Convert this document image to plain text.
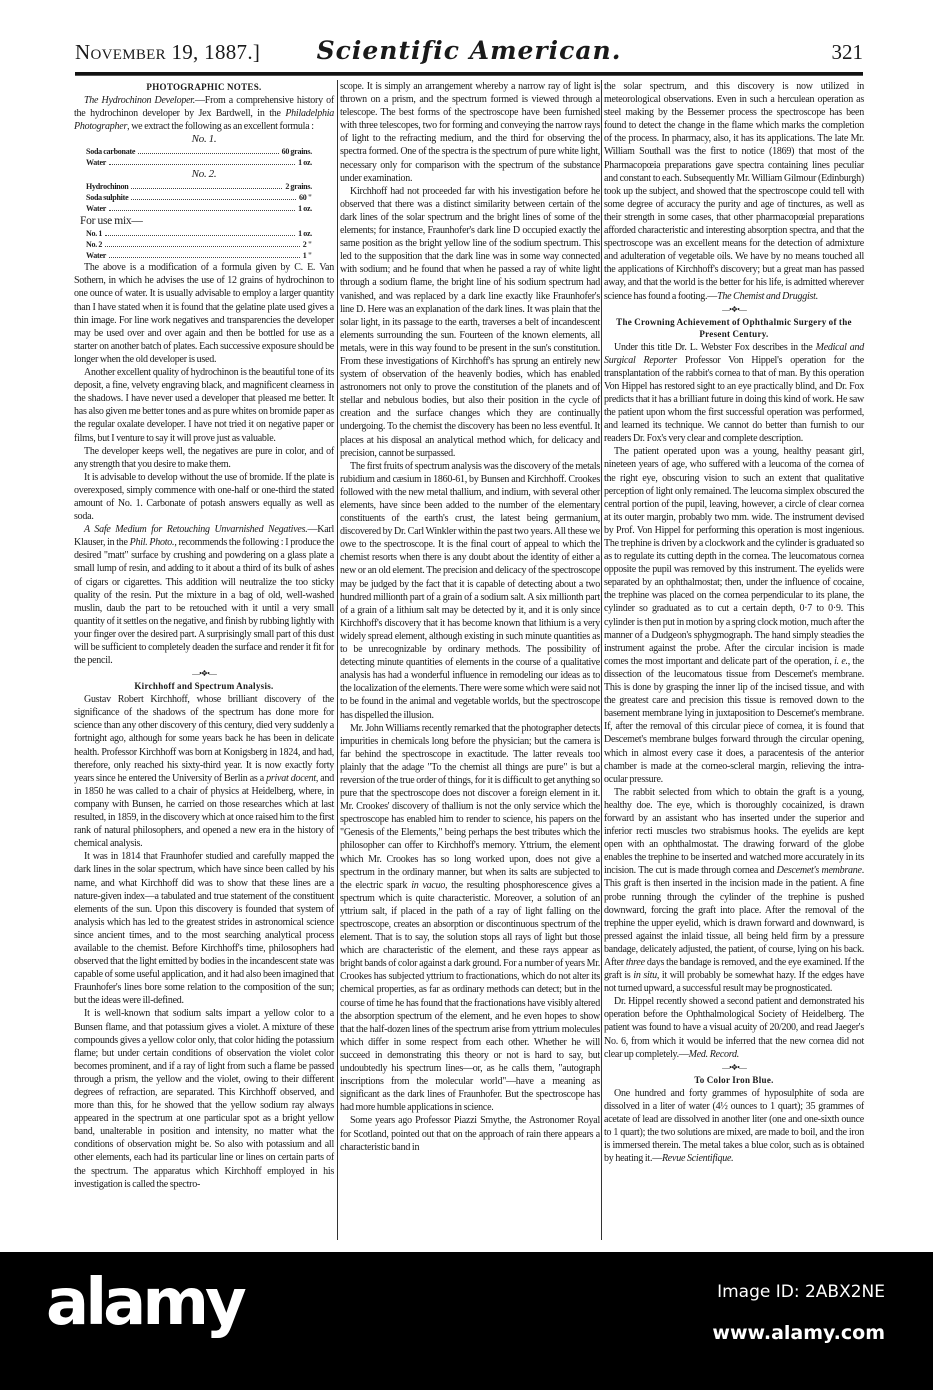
November 19, 1887.]	Scientific American.	321
PHOTOGRAPHIC NOTES.

The Hydrochinon Developer.—From a comprehensive history of the hydrochinon developer by Jex Bardwell, in the Philadelphia Photographer, we extract the following as an excellent formula :

No. 1.
Soda carbonate	60 grains.
Water	1 oz.
No. 2.
Hydrochinon	2 grains.
Soda sulphite	60 "
Water	1 oz.
For use mix—
No. 1	1 oz.
No. 2	2 "
Water	1 "

The above is a modification of a formula given by C. E. Van Sothern, in which he advises the use of 12 grains of hydrochinon to one ounce of water. It is usually advisable to employ a larger quantity than I have stated when it is found that the gelatine plate used gives a thin image. For line work negatives and transparencies the developer may be used over and over again and then be bottled for use as a starter on another batch of plates. Each successive exposure should be longer when the old developer is used.

Another excellent quality of hydrochinon is the beautiful tone of its deposit, a fine, velvety engraving black, and magnificent clearness in the shadows. I have never used a developer that pleased me better. It has also given me better tones and as pure whites on bromide paper as the regular oxalate developer. I have not tried it on negative paper or films, but I venture to say it will prove just as valuable.

The developer keeps well, the negatives are pure in color, and of any strength that you desire to make them.

It is advisable to develop without the use of bromide. If the plate is overexposed, simply commence with one-half or one-third the stated amount of No. 1. Carbonate of potash answers equally as well as soda.

A Safe Medium for Retouching Unvarnished Negatives.—Karl Klauser, in the Phil. Photo., recommends the following : I produce the desired "matt" surface by crushing and powdering on a glass plate a small lump of resin, and adding to it about a third of its bulk of ashes of cigars or cigarettes. This addition will neutralize the too sticky quality of the resin. Put the mixture in a bag of old, well-washed muslin, daub the part to be retouched with it until a very small quantity of it settles on the negative, and finish by rubbing lightly with your finger over the desired part. A surprisingly small part of this dust will be sufficient to completely deaden the surface and render it fit for the pencil.

—•❖•—
Kirchhoff and Spectrum Analysis.

Gustav Robert Kirchhoff, whose brilliant discovery of the significance of the shadows of the spectrum has done more for science than any other discovery of this century, died very suddenly a fortnight ago, although for some years back he has been in delicate health. Professor Kirchhoff was born at Konigsberg in 1824, and had, therefore, only reached his sixty-third year. It is now exactly forty years since he entered the University of Berlin as a privat docent, and in 1850 he was called to a chair of physics at Heidelberg, where, in company with Bunsen, he carried on those researches which at last resulted, in 1859, in the discovery which at once raised him to the first rank of natural philosophers, and opened a new era in the history of chemical analysis.

It was in 1814 that Fraunhofer studied and carefully mapped the dark lines in the solar spectrum, which have since been called by his name, and what Kirchhoff did was to show that these lines are a nature-given index—a tabulated and true statement of the constituent elements of the sun. Upon this discovery is founded that system of analysis which has led to the greatest strides in astronomical science since ancient times, and to the most searching analytical process available to the chemist. Before Kirchhoff's time, philosophers had observed that the light emitted by bodies in the incandescent state was capable of some useful application, and it had also been imagined that Fraunhofer's lines bore some relation to the composition of the sun; but the ideas were ill-defined.

It is well-known that sodium salts impart a yellow color to a Bunsen flame, and that potassium gives a violet. A mixture of these compounds gives a yellow color only, that color hiding the potassium flame; but under certain conditions of observation the violet color becomes prominent, and if a ray of light from such a flame be passed through a prism, the yellow and the violet, owing to their different degrees of refraction, are separated. This Kirchhoff observed, and more than this, for he showed that the yellow sodium ray always appeared in the spectrum at one particular spot as a bright yellow band, unalterable in position and intensity, no matter what the conditions of observation might be. So also with potassium and all other elements, each had its particular line or lines on certain parts of the spectrum. The apparatus which Kirchhoff employed in his investigation is called the spectro-

scope. It is simply an arrangement whereby a narrow ray of light is thrown on a prism, and the spectrum formed is viewed through a telescope. The best forms of the spectroscope have been furnished with three telescopes, two for forming and conveying the narrow rays of light to the refracting medium, and the third for observing the spectra formed. One of the spectra is the spectrum of pure white light, necessary only for comparison with the spectrum of the substance under examination.

Kirchhoff had not proceeded far with his investigation before he observed that there was a distinct similarity between certain of the dark lines of the solar spectrum and the bright lines of some of the elements; for instance, Fraunhofer's dark line D occupied exactly the same position as the bright yellow line of the sodium spectrum. This led to the supposition that the dark line was in some way connected with sodium; and he found that when he passed a ray of white light through a sodium flame, the bright line of his sodium spectrum had vanished, and was replaced by a dark line exactly like Fraunhofer's line D. Here was an explanation of the dark lines. It was plain that the solar light, in its passage to the earth, traverses a belt of incandescent elements surrounding the sun. Fourteen of the known elements, all metals, were in this way found to be present in the sun's constitution. From these investigations of Kirchhoff's has sprung an entirely new system of observation of the heavenly bodies, which has enabled astronomers not only to prove the constitution of the planets and of stellar and nebulous bodies, but also their position in the cycle of creation and the surface changes which they are continually undergoing. To the chemist the discovery has been no less eventful. It places at his disposal an analytical method which, for delicacy and precision, cannot be surpassed.

The first fruits of spectrum analysis was the discovery of the metals rubidium and cæsium in 1860-61, by Bunsen and Kirchhoff. Crookes followed with the new metal thallium, and indium, with several other elements, have since been added to the number of the elementary constituents of the earth's crust, the latest being germanium, discovered by Dr. Carl Winkler within the past two years. All these we owe to the spectroscope. It is the final court of appeal to which the chemist resorts when there is any doubt about the identity of either a new or an old element. The precision and delicacy of the spectroscope may be judged by the fact that it is capable of detecting about a two hundred millionth part of a grain of a sodium salt. A six millionth part of a grain of a lithium salt may be detected by it, and it is only since Kirchhoff's discovery that it has become known that lithium is a very widely spread element, although existing in such minute quantities as to be unrecognizable by ordinary methods. The possibility of detecting minute quantities of elements in the course of a qualitative analysis has had a wonderful influence in remodeling our ideas as to the localization of the elements. There were some which were said not to be found in the animal and vegetable worlds, but the spectroscope has dispelled the illusion.

Mr. John Williams recently remarked that the photographer detects impurities in chemicals long before the physician; but the camera is far behind the spectroscope in exactitude. The latter reveals too plainly that the adage "To the chemist all things are pure" is but a reversion of the true order of things, for it is difficult to get anything so pure that the spectroscope does not discover a foreign element in it. Mr. Crookes' discovery of thallium is not the only service which the spectroscope has enabled him to render to science, his papers on the "Genesis of the Elements," being perhaps the best tributes which the philosopher can offer to Kirchhoff's memory. Yttrium, the element which Mr. Crookes has so long worked upon, does not give a spectrum in the ordinary manner, but when its salts are subjected to the electric spark in vacuo, the resulting phosphorescence gives a spectrum which is quite characteristic. Moreover, a solution of an yttrium salt, if placed in the path of a ray of light falling on the spectroscope, creates an absorption or discontinuous spectrum of the element. That is to say, the solution stops all rays of light but those which are characteristic of the element, and these rays appear as bright bands of color against a dark ground. For a number of years Mr. Crookes has subjected yttrium to fractionations, which do not alter its chemical properties, as far as ordinary methods can detect; but in the course of time he has found that the fractionations have visibly altered the absorption spectrum of the element, and he even hopes to show that the half-dozen lines of the spectrum arise from yttrium molecules which differ in some respect from each other. Whether he will succeed in demonstrating this theory or not is hard to say, but undoubtedly his spectrum lines—or, as he calls them, "autograph inscriptions from the molecular world"—have a meaning as significant as the dark lines of Fraunhofer. But the spectroscope has had more humble applications in science.

Some years ago Professor Piazzi Smythe, the Astronomer Royal for Scotland, pointed out that on the approach of rain there appears a characteristic band in

the solar spectrum, and this discovery is now utilized in meteorological observations. Even in such a herculean operation as steel making by the Bessemer process the spectroscope has been found to detect the change in the flame which marks the completion of the process. In pharmacy, also, it has its applications. The late Mr. William Southall was the first to notice (1869) that most of the Pharmacopœia preparations gave spectra containing lines peculiar and constant to each. Subsequently Mr. William Gilmour (Edinburgh) took up the subject, and showed that the spectroscope could tell with some degree of accuracy the purity and age of tinctures, as well as their strength in some cases, that other pharmacopœial preparations afforded characteristic and interesting absorption spectra, and that the spectroscope was an excellent means for the detection of admixture and adulteration of vegetable oils. We have by no means touched all the applications of Kirchhoff's discovery; but a great man has passed away, and that the world is the better for his life, is admitted wherever science has found a footing.—The Chemist and Druggist.

—•❖•—
The Crowning Achievement of Ophthalmic Surgery of the Present Century.

Under this title Dr. L. Webster Fox describes in the Medical and Surgical Reporter Professor Von Hippel's operation for the transplantation of the rabbit's cornea to that of man. By this operation Von Hippel has restored sight to an eye practically blind, and Dr. Fox predicts that it has a brilliant future in doing this kind of work. He saw the patient upon whom the first successful operation was performed, and learned its technique. We cannot do better than furnish to our readers Dr. Fox's very clear and complete description.

The patient operated upon was a young, healthy peasant girl, nineteen years of age, who suffered with a leucoma of the cornea of the right eye, obscuring vision to such an extent that qualitative perception of light only remained. The leucoma simplex obscured the central portion of the pupil, leaving, however, a circle of clear cornea at its outer margin, probably two mm. wide. The instrument devised by Prof. Von Hippel for performing this operation is most ingenious. The trephine is driven by a clockwork and the cylinder is graduated so as to regulate its cutting depth in the cornea. The leucomatous cornea opposite the pupil was removed by this instrument. The eyelids were separated by an ophthalmostat; then, under the influence of cocaine, the trephine was placed on the cornea perpendicular to its plane, the cylinder so graduated as to cut a certain depth, 0·7 to 0·9. This cylinder is then put in motion by a spring clock motion, much after the manner of a Dudgeon's sphygmograph. The hand simply steadies the instrument against the probe. After the circular incision is made comes the most important and delicate part of the operation, i. e., the dissection of the leucomatous tissue from Descemet's membrane. This is done by grasping the inner lip of the incised tissue, and with the greatest care and precision this tissue is removed down to the basement membrane lying in juxtaposition to Descemet's membrane. If, after the removal of this circular piece of cornea, it is found that Descemet's membrane bulges forward through the circular opening, which in almost every case it does, a paracentesis of the anterior chamber is made at the corneo-scleral margin, relieving the intra-ocular pressure.

The rabbit selected from which to obtain the graft is a young, healthy doe. The eye, which is thoroughly cocainized, is drawn forward by an assistant who has inserted under the superior and inferior recti muscles two strabismus hooks. The eyelids are kept open with an ophthalmostat. The drawing forward of the globe enables the trephine to be inserted and watched more accurately in its incision. The cut is made through cornea and Descemet's membrane. This graft is then inserted in the incision made in the patient. A fine probe running through the cylinder of the trephine is pushed downward, forcing the graft into place. After the removal of the trephine the upper eyelid, which is drawn forward and downward, is pressed against the inlaid tissue, all being held firm by a pressure bandage, delicately adjusted, the patient, of course, lying on his back. After three days the bandage is removed, and the eye examined. If the graft is in situ, it will probably be somewhat hazy. If the edges have not turned upward, a successful result may be prognosticated.

Dr. Hippel recently showed a second patient and demonstrated his operation before the Ophthalmological Society of Heidelberg. The patient was found to have a visual acuity of 20/200, and read Jaeger's No. 6, from which it would be inferred that the new cornea did not clear up completely.—Med. Record.

—•❖•—
To Color Iron Blue.

One hundred and forty grammes of hyposulphite of soda are dissolved in a liter of water (4½ ounces to 1 quart); 35 grammes of acetate of lead are dissolved in another liter (one and one-sixth ounce to 1 quart); the two solutions are mixed, are made to boil, and the iron is immersed therein. The metal takes a blue color, such as is obtained by heating it.—Revue Scientifique.

alamy	Image ID: 2ABX2NE
www.alamy.com
